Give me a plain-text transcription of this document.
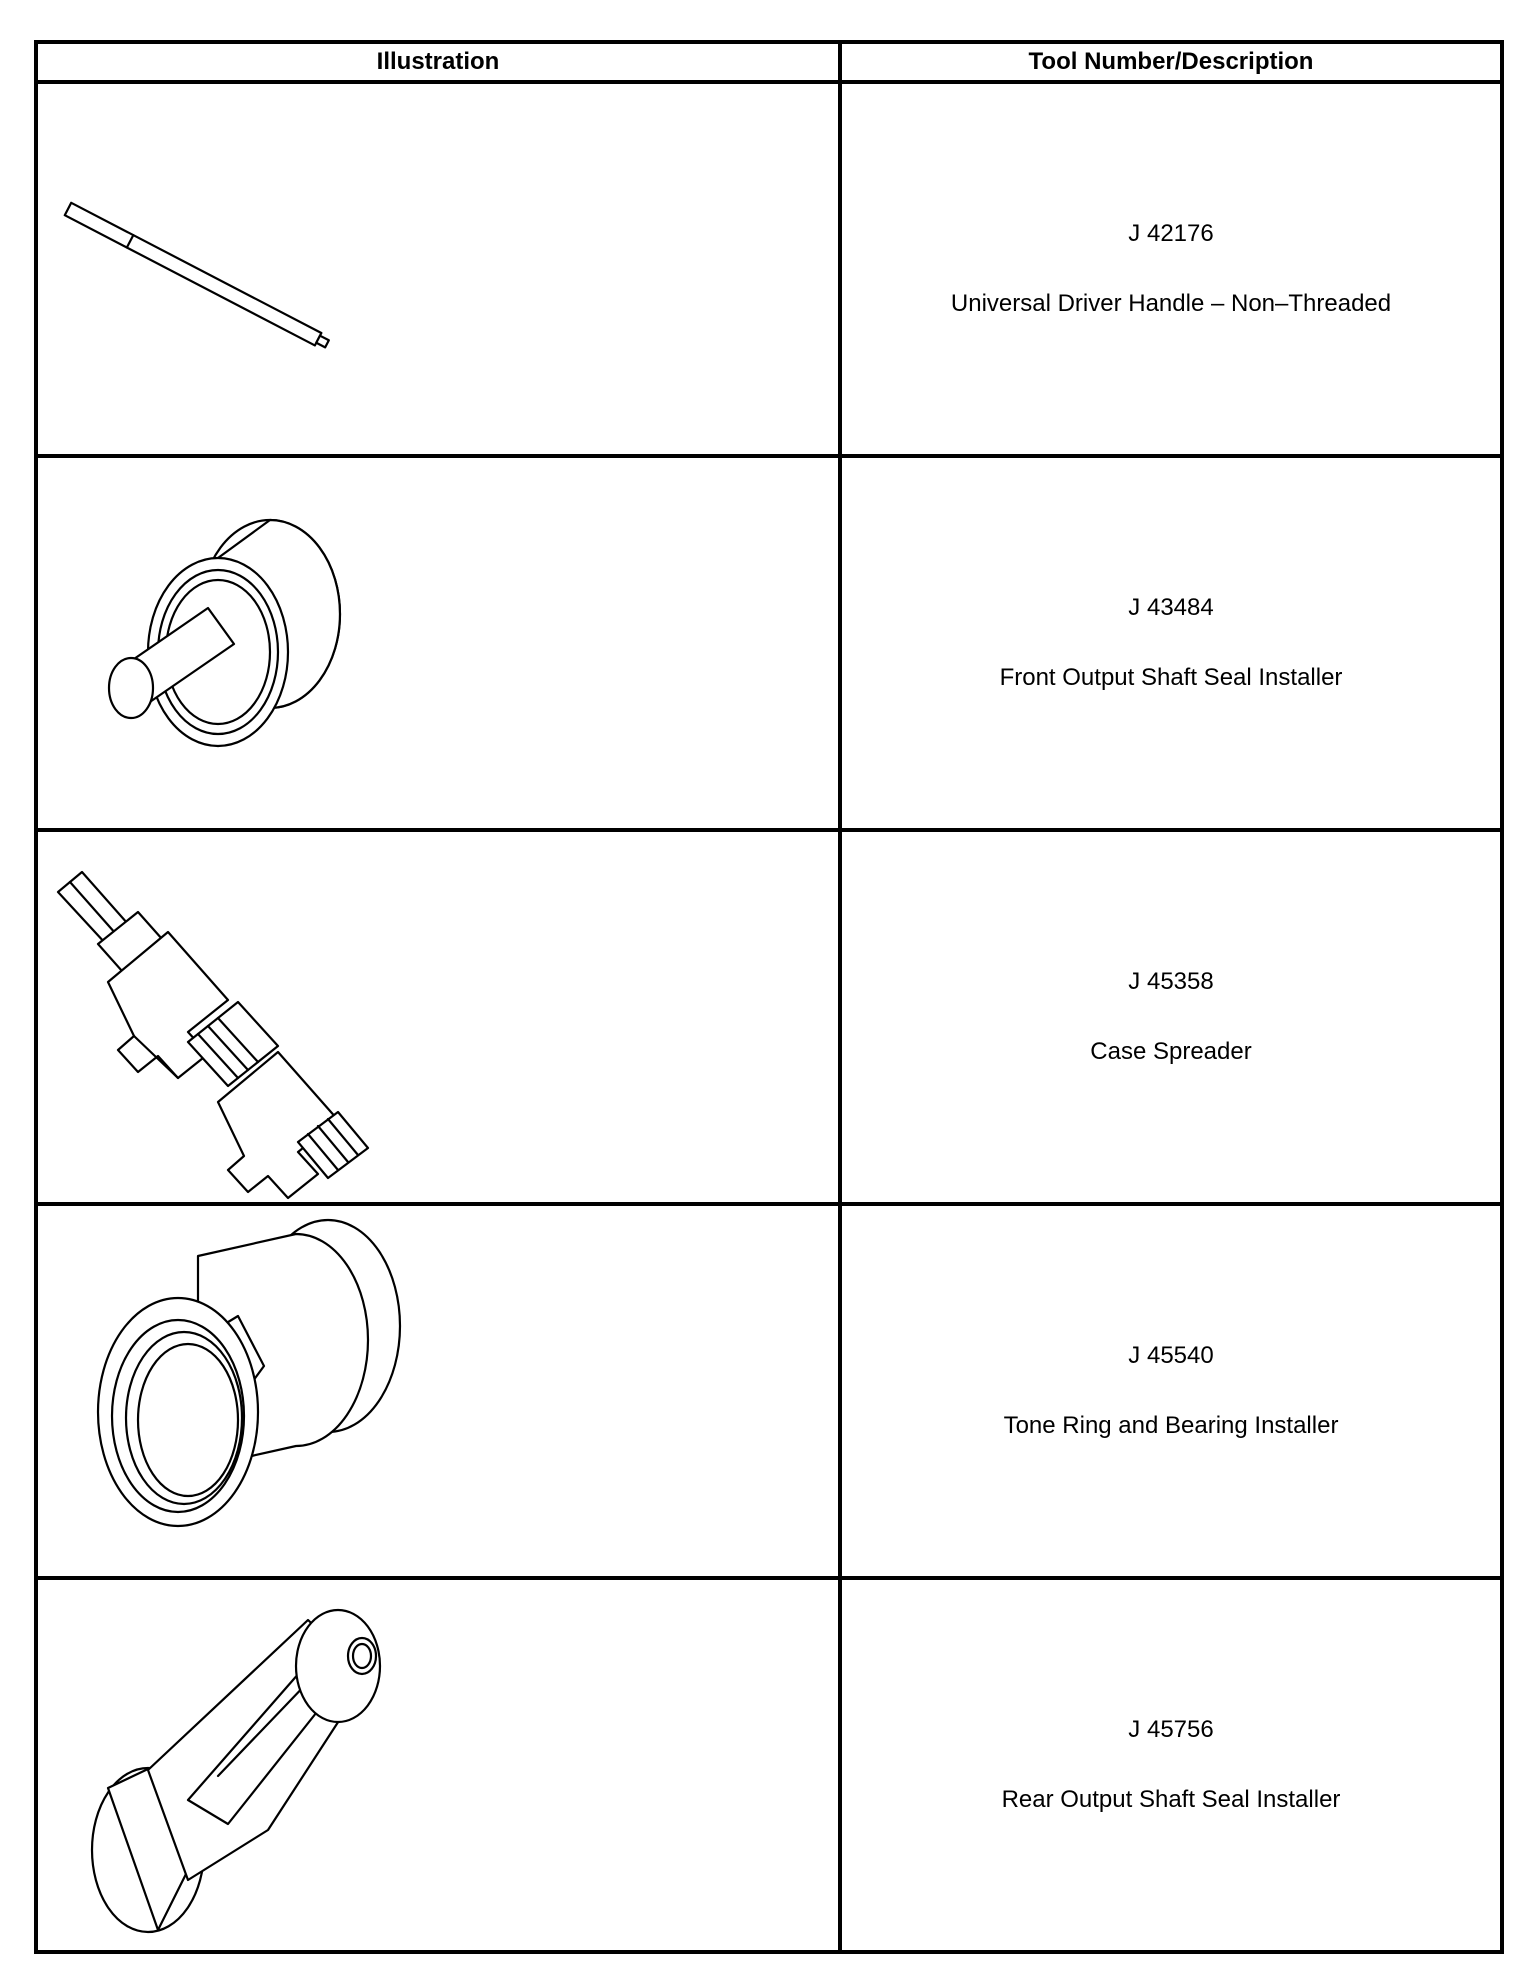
Illustration	Tool Number/Description

J 42176
Universal Driver Handle – Non–Threaded

J 43484
Front Output Shaft Seal Installer

J 45358
Case Spreader

J 45540
Tone Ring and Bearing Installer

J 45756
Rear Output Shaft Seal Installer
